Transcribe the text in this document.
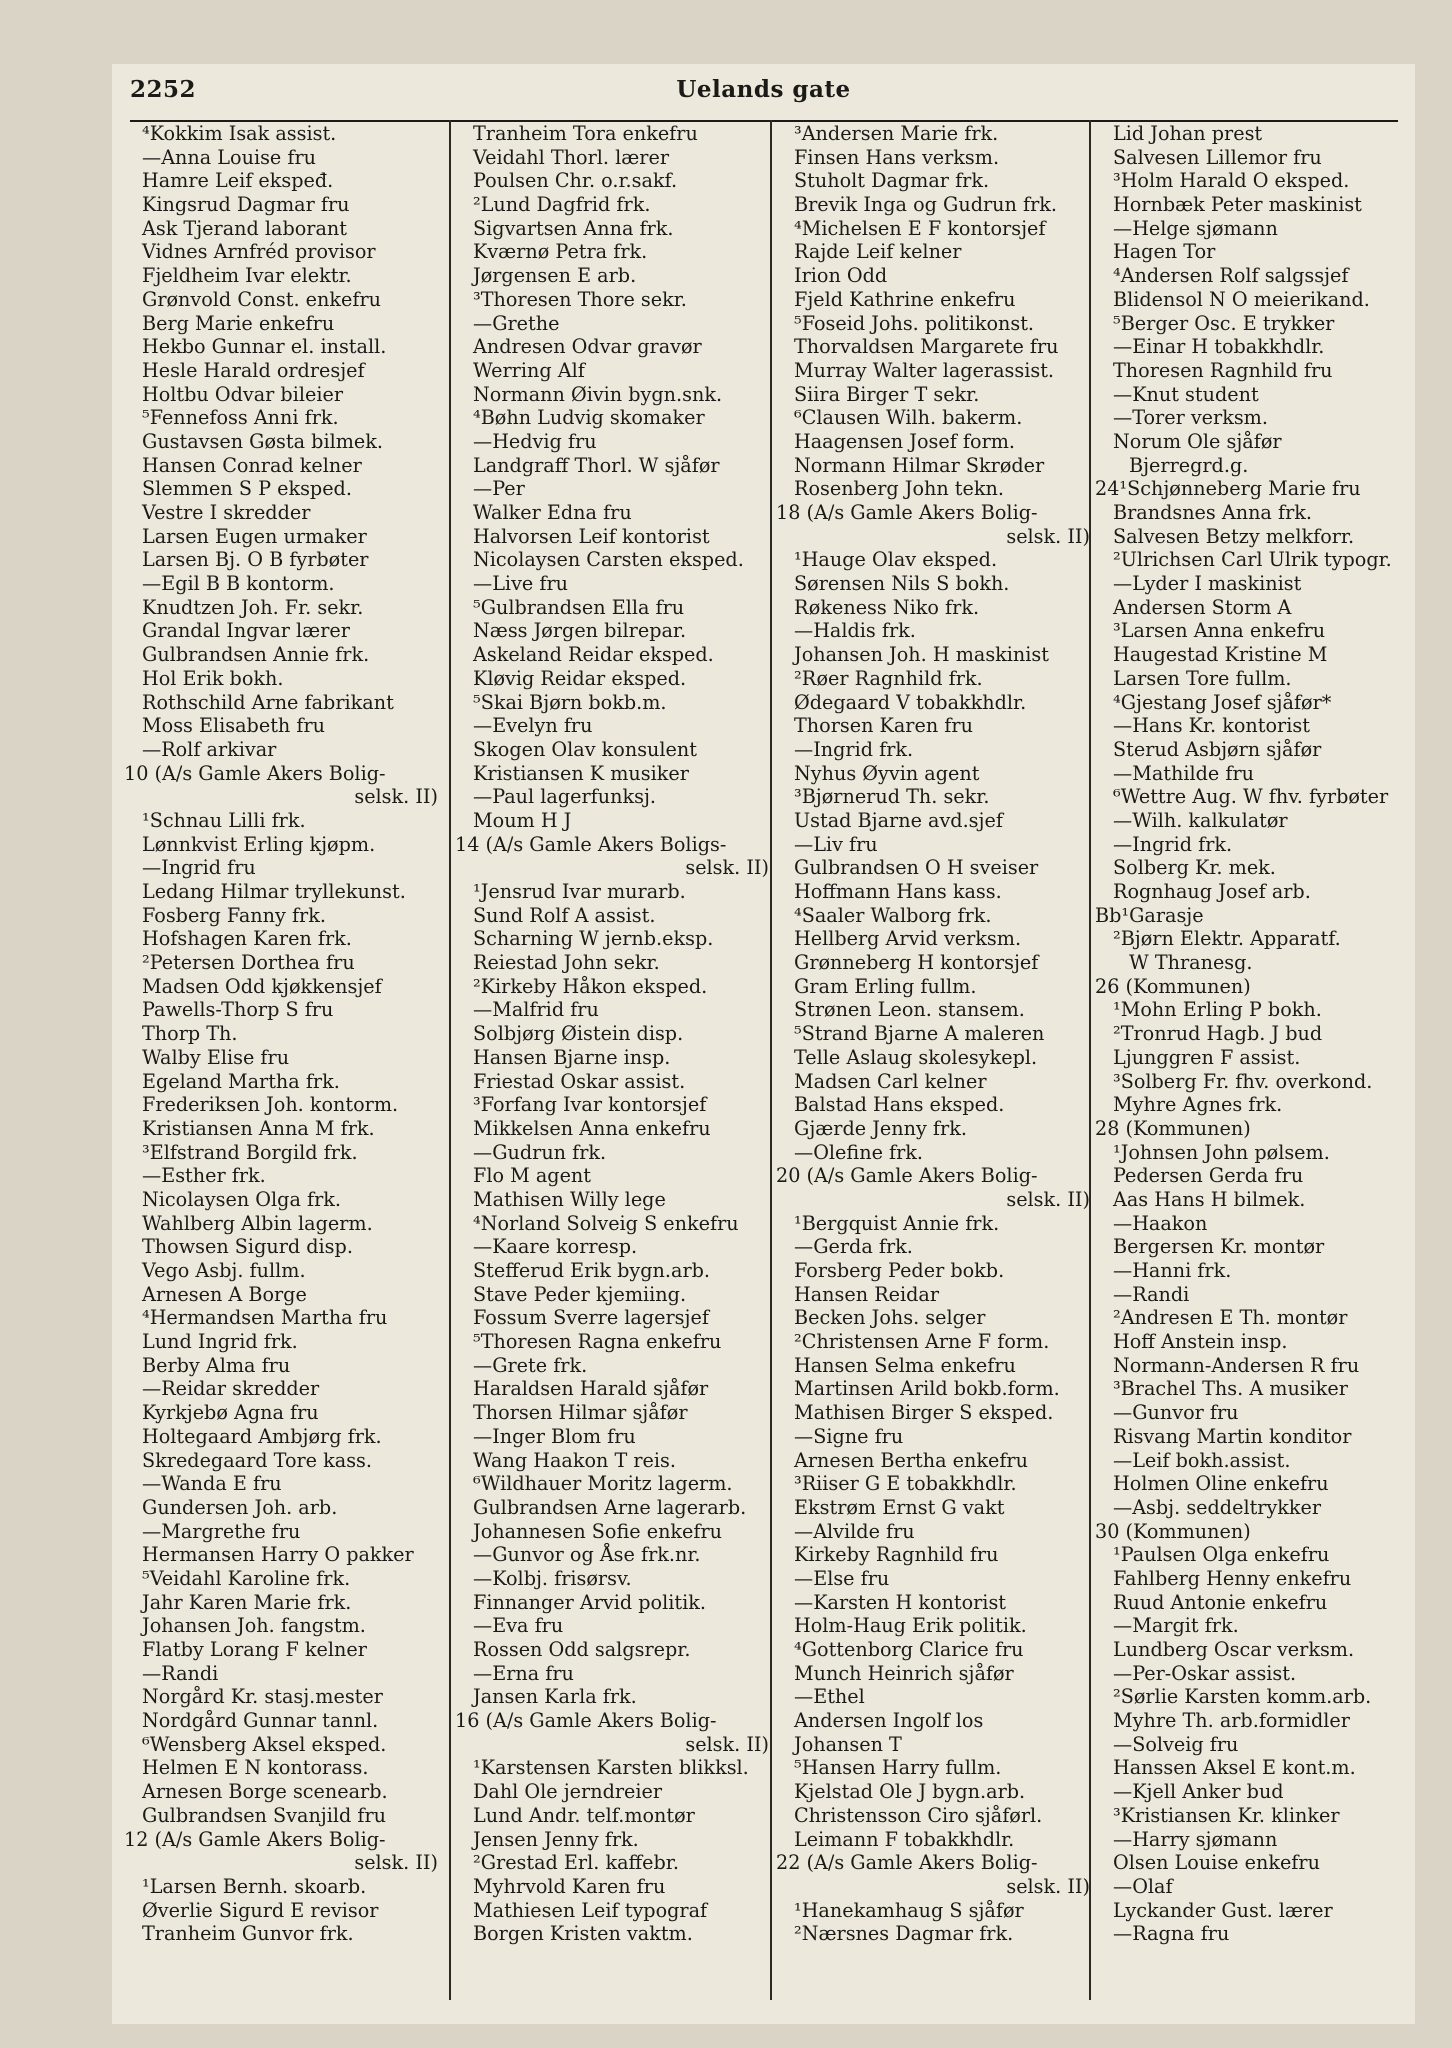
2252	Uelands gate
⁴Kokkim Isak assist.
—Anna Louise fru
Hamre Leif ekspeđ.
Kingsrud Dagmar fru
Ask Tjerand laborant
Vidnes Arnfréd provisor
Fjeldheim Ivar elektr.
Grønvold Const. enkefru
Berg Marie enkefru
Hekbo Gunnar el. install.
Hesle Harald ordresjef
Holtbu Odvar bileier
⁵Fennefoss Anni frk.
Gustavsen Gøsta bilmek.
Hansen Conrad kelner
Slemmen S P eksped.
Vestre I skredder
Larsen Eugen urmaker
Larsen Bj. O B fyrbøter
—Egil B B kontorm.
Knudtzen Joh. Fr. sekr.
Grandal Ingvar lærer
Gulbrandsen Annie frk.
Hol Erik bokh.
Rothschild Arne fabrikant
Moss Elisabeth fru
—Rolf arkivar
10 (A/s Gamle Akers Bolig-
selsk. II)
¹Schnau Lilli frk.
Lønnkvist Erling kjøpm.
—Ingrid fru
Ledang Hilmar tryllekunst.
Fosberg Fanny frk.
Hofshagen Karen frk.
²Petersen Dorthea fru
Madsen Odd kjøkkensjef
Pawells-Thorp S fru
Thorp Th.
Walby Elise fru
Egeland Martha frk.
Frederiksen Joh. kontorm.
Kristiansen Anna M frk.
³Elfstrand Borgild frk.
—Esther frk.
Nicolaysen Olga frk.
Wahlberg Albin lagerm.
Thowsen Sigurd disp.
Vego Asbj. fullm.
Arnesen A Borge
⁴Hermandsen Martha fru
Lund Ingrid frk.
Berby Alma fru
—Reidar skredder
Kyrkjebø Agna fru
Holtegaard Ambjørg frk.
Skredegaard Tore kass.
—Wanda E fru
Gundersen Joh. arb.
—Margrethe fru
Hermansen Harry O pakker
⁵Veidahl Karoline frk.
Jahr Karen Marie frk.
Johansen Joh. fangstm.
Flatby Lorang F kelner
—Randi
Norgård Kr. stasj.mester
Nordgård Gunnar tannl.
⁶Wensberg Aksel eksped.
Helmen E N kontorass.
Arnesen Borge scenearb.
Gulbrandsen Svanjild fru
12 (A/s Gamle Akers Bolig-
selsk. II)
¹Larsen Bernh. skoarb.
Øverlie Sigurd E revisor
Tranheim Gunvor frk.
Tranheim Tora enkefru
Veidahl Thorl. lærer
Poulsen Chr. o.r.sakf.
²Lund Dagfrid frk.
Sigvartsen Anna frk.
Kværnø Petra frk.
Jørgensen E arb.
³Thoresen Thore sekr.
—Grethe
Andresen Odvar gravør
Werring Alf
Normann Øivin bygn.snk.
⁴Bøhn Ludvig skomaker
—Hedvig fru
Landgraff Thorl. W sjåfør
—Per
Walker Edna fru
Halvorsen Leif kontorist
Nicolaysen Carsten eksped.
—Live fru
⁵Gulbrandsen Ella fru
Næss Jørgen bilrepar.
Askeland Reidar eksped.
Kløvig Reidar eksped.
⁵Skai Bjørn bokb.m.
—Evelyn fru
Skogen Olav konsulent
Kristiansen K musiker
—Paul lagerfunksj.
Moum H J
14 (A/s Gamle Akers Boligs-
selsk. II)
¹Jensrud Ivar murarb.
Sund Rolf A assist.
Scharning W jernb.eksp.
Reiestad John sekr.
²Kirkeby Håkon eksped.
—Malfrid fru
Solbjørg Øistein disp.
Hansen Bjarne insp.
Friestad Oskar assist.
³Forfang Ivar kontorsjef
Mikkelsen Anna enkefru
—Gudrun frk.
Flo M agent
Mathisen Willy lege
⁴Norland Solveig S enkefru
—Kaare korresp.
Stefferud Erik bygn.arb.
Stave Peder kjemiing.
Fossum Sverre lagersjef
⁵Thoresen Ragna enkefru
—Grete frk.
Haraldsen Harald sjåfør
Thorsen Hilmar sjåfør
—Inger Blom fru
Wang Haakon T reis.
⁶Wildhauer Moritz lagerm.
Gulbrandsen Arne lagerarb.
Johannesen Sofie enkefru
—Gunvor og Åse frk.nr.
—Kolbj. frisørsv.
Finnanger Arvid politik.
—Eva fru
Rossen Odd salgsrepr.
—Erna fru
Jansen Karla frk.
16 (A/s Gamle Akers Bolig-
selsk. II)
¹Karstensen Karsten blikksl.
Dahl Ole jerndreier
Lund Andr. telf.montør
Jensen Jenny frk.
²Grestad Erl. kaffebr.
Myhrvold Karen fru
Mathiesen Leif typograf
Borgen Kristen vaktm.
³Andersen Marie frk.
Finsen Hans verksm.
Stuholt Dagmar frk.
Brevik Inga og Gudrun frk.
⁴Michelsen E F kontorsjef
Rajde Leif kelner
Irion Odd
Fjeld Kathrine enkefru
⁵Foseid Johs. politikonst.
Thorvaldsen Margarete fru
Murray Walter lagerassist.
Siira Birger T sekr.
⁶Clausen Wilh. bakerm.
Haagensen Josef form.
Normann Hilmar Skrøder
Rosenberg John tekn.
18 (A/s Gamle Akers Bolig-
selsk. II)
¹Hauge Olav eksped.
Sørensen Nils S bokh.
Røkeness Niko frk.
—Haldis frk.
Johansen Joh. H maskinist
²Røer Ragnhild frk.
Ødegaard V tobakkhdlr.
Thorsen Karen fru
—Ingrid frk.
Nyhus Øyvin agent
³Bjørnerud Th. sekr.
Ustad Bjarne avd.sjef
—Liv fru
Gulbrandsen O H sveiser
Hoffmann Hans kass.
⁴Saaler Walborg frk.
Hellberg Arvid verksm.
Grønneberg H kontorsjef
Gram Erling fullm.
Strønen Leon. stansem.
⁵Strand Bjarne A maleren
Telle Aslaug skolesykepl.
Madsen Carl kelner
Balstad Hans eksped.
Gjærde Jenny frk.
—Olefine frk.
20 (A/s Gamle Akers Bolig-
selsk. II)
¹Bergquist Annie frk.
—Gerda frk.
Forsberg Peder bokb.
Hansen Reidar
Becken Johs. selger
²Christensen Arne F form.
Hansen Selma enkefru
Martinsen Arild bokb.form.
Mathisen Birger S eksped.
—Signe fru
Arnesen Bertha enkefru
³Riiser G E tobakkhdlr.
Ekstrøm Ernst G vakt
—Alvilde fru
Kirkeby Ragnhild fru
—Else fru
—Karsten H kontorist
Holm-Haug Erik politik.
⁴Gottenborg Clarice fru
Munch Heinrich sjåfør
—Ethel
Andersen Ingolf los
Johansen T
⁵Hansen Harry fullm.
Kjelstad Ole J bygn.arb.
Christensson Ciro sjåførl.
Leimann F tobakkhdlr.
22 (A/s Gamle Akers Bolig-
selsk. II)
¹Hanekamhaug S sjåfør
²Nærsnes Dagmar frk.
Lid Johan prest
Salvesen Lillemor fru
³Holm Harald O eksped.
Hornbæk Peter maskinist
—Helge sjømann
Hagen Tor
⁴Andersen Rolf salgssjef
Blidensol N O meierikand.
⁵Berger Osc. E trykker
—Einar H tobakkhdlr.
Thoresen Ragnhild fru
—Knut student
—Torer verksm.
Norum Ole sjåfør
Bjerregrd.g.
24¹Schjønneberg Marie fru
Brandsnes Anna frk.
Salvesen Betzy melkforr.
²Ulrichsen Carl Ulrik typogr.
—Lyder I maskinist
Andersen Storm A
³Larsen Anna enkefru
Haugestad Kristine M
Larsen Tore fullm.
⁴Gjestang Josef sjåfør*
—Hans Kr. kontorist
Sterud Asbjørn sjåfør
—Mathilde fru
⁶Wettre Aug. W fhv. fyrbøter
—Wilh. kalkulatør
—Ingrid frk.
Solberg Kr. mek.
Rognhaug Josef arb.
Bb¹Garasje
²Bjørn Elektr. Apparatf.
W Thranesg.
26 (Kommunen)
¹Mohn Erling P bokh.
²Tronrud Hagb. J bud
Ljunggren F assist.
³Solberg Fr. fhv. overkond.
Myhre Agnes frk.
28 (Kommunen)
¹Johnsen John pølsem.
Pedersen Gerda fru
Aas Hans H bilmek.
—Haakon
Bergersen Kr. montør
—Hanni frk.
—Randi
²Andresen E Th. montør
Hoff Anstein insp.
Normann-Andersen R fru
³Brachel Ths. A musiker
—Gunvor fru
Risvang Martin konditor
—Leif bokh.assist.
Holmen Oline enkefru
—Asbj. seddeltrykker
30 (Kommunen)
¹Paulsen Olga enkefru
Fahlberg Henny enkefru
Ruud Antonie enkefru
—Margit frk.
Lundberg Oscar verksm.
—Per-Oskar assist.
²Sørlie Karsten komm.arb.
Myhre Th. arb.formidler
—Solveig fru
Hanssen Aksel E kont.m.
—Kjell Anker bud
³Kristiansen Kr. klinker
—Harry sjømann
Olsen Louise enkefru
—Olaf
Lyckander Gust. lærer
—Ragna fru
